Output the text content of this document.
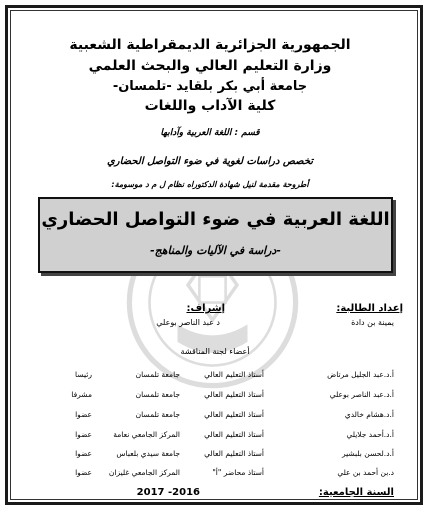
الجمهورية الجزائرية الديمقراطية الشعبية
وزارة التعليم العالي والبحث العلمي
جامعة أبي بكر بلقايد -تلمسان-
كلية الآداب واللغات
قسم : اللغة العربية وآدابها
تخصص دراسات لغوية في ضوء التواصل الحضاري
أطروحة مقدمة لنيل شهادة الدكتوراه نظام ل م د موسومة:
اللغة العربية في ضوء التواصل الحضاري
-دراسة في الآليات والمناهج-
إعداد الطالبة:
إشراف:
يمينة بن دادة
د عبد الناصر بوعلي
أعضاء لجنة المناقشة
أ.د.عبد الجليل مرتاض
أستاذ التعليم العالي
جامعة تلمسان
رئيسا
أ.د.عبد الناصر بوعلي
أستاذ التعليم العالي
جامعة تلمسان
مشرفا
أ.د.هشام خالدي
أستاذ التعليم العالي
جامعة تلمسان
عضوا
أ.د.أحمد جلايلي
أستاذ التعليم العالي
المركز الجامعي نعامة
عضوا
أ.د.لحسن بلبشير
أستاذ التعليم العالي
جامعة سيدي بلعباس
عضوا
د.بن أحمد بن علي
أستاذ محاضر "أ"
المركز الجامعي غليزان
عضوا
السنة الجامعية:
2016- 2017
